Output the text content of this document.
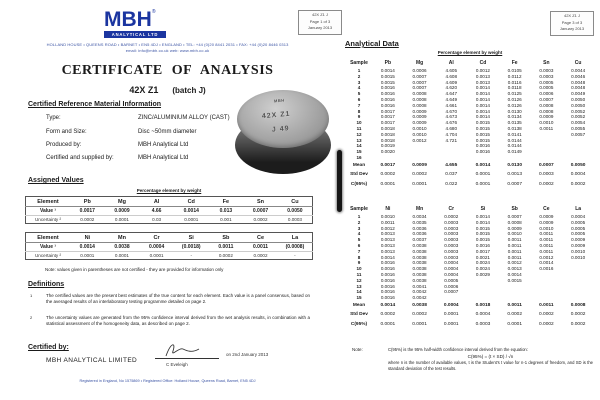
MBH®
ANALYTICAL LTD
HOLLAND HOUSE • QUEENS ROAD • BARNET • EN5 4DJ • ENGLAND • TEL: +44 (0)20 8441 2031 • FAX: +44 (0)20 8446 0313
email: info@mbh.co.uk web: www.mbh.co.uk
42X Z1 J
Page 1 of 3
January 2013
CERTIFICATE OF ANALYSIS
42X Z1 (batch J)
Certified Reference Material Information
Type:	ZINC/ALUMINIUM ALLOY (CAST)
Form and Size:	Disc ~50mm diameter
Produced by:	MBH Analytical Ltd
Certified and supplied by:	MBH Analytical Ltd
MBH
42X Z1
J 49
Assigned Values
Percentage element by weight
Element	Pb	Mg	Al	Cd	Fe	Sn	Cu
Value ¹	0.0017	0.0009	4.66	0.0014	0.013	0.0007	0.0050
Uncertainty ²	0.0002	0.0001	0.03	0.0001	0.001	0.0002	0.0003
Element	Ni	Mn	Cr	Si	Sb	Ce	La
Value ¹	0.0014	0.0038	0.0004	(0.0018)	0.0011	0.0011	(0.0008)
Uncertainty ²	0.0001	0.0001	0.0001	-	0.0002	0.0002	-
Note: values given in parentheses are not certified - they are provided for information only
Definitions
1	The certified values are the present best estimates of the true content for each element. Each value is a panel consensus, based on the averaged results of an interlaboratory testing programme detailed on page 2.
2	The uncertainty values are generated from the 95% confidence interval derived from the wet analysis results, in combination with a statistical assessment of the homogeneity data, as described on page 2.
Certified by:
MBH ANALYTICAL LIMITED
on 2nd January 2013
C Eveleigh
Registered in England, No 1575869 • Registered Office: Holland House, Queens Road, Barnet, EN5 4DJ
42X Z1 J
Page 3 of 3
January 2013
Analytical Data
Percentage element by weight
Sample	Pb	Mg	Al	Cd	Fe	Sn	Cu
1	0.0014	0.0006	4.605	0.0012	0.0105	0.0003	0.0044
2	0.0015	0.0007	4.608	0.0013	0.0112	0.0003	0.0046
3	0.0015	0.0007	4.609	0.0013	0.0116	0.0005	0.0048
4	0.0016	0.0007	4.620	0.0014	0.0118	0.0005	0.0048
5	0.0016	0.0008	4.647	0.0014	0.0125	0.0006	0.0049
6	0.0016	0.0008	4.649	0.0014	0.0126	0.0007	0.0050
7	0.0016	0.0008	4.661	0.0014	0.0126	0.0008	0.0050
8	0.0017	0.0009	4.670	0.0014	0.0130	0.0008	0.0052
9	0.0017	0.0009	4.673	0.0014	0.0134	0.0009	0.0052
10	0.0017	0.0009	4.676	0.0015	0.0135	0.0010	0.0054
11	0.0018	0.0010	4.680	0.0015	0.0138	0.0011	0.0055
12	0.0018	0.0010	4.704	0.0015	0.0141		0.0057
13	0.0018	0.0012	4.721	0.0015	0.0144		
14	0.0019			0.0016	0.0144		
15	0.0020			0.0016	0.0149		
16							
Mean	0.0017	0.0009	4.655	0.0014	0.0130	0.0007	0.0050
Std Dev	0.0002	0.0002	0.037	0.0001	0.0013	0.0003	0.0004
C(95%)	0.0001	0.0001	0.022	0.0001	0.0007	0.0002	0.0002
Sample	Ni	Mn	Cr	Si	Sb	Ce	La
1	0.0010	0.0034	0.0002	0.0014	0.0007	0.0009	0.0004
2	0.0011	0.0035	0.0003	0.0014	0.0008	0.0009	0.0005
3	0.0012	0.0036	0.0003	0.0015	0.0009	0.0010	0.0005
4	0.0013	0.0036	0.0003	0.0015	0.0010	0.0011	0.0005
5	0.0013	0.0037	0.0003	0.0015	0.0011	0.0011	0.0009
6	0.0013	0.0038	0.0003	0.0016	0.0011	0.0011	0.0009
7	0.0013	0.0038	0.0003	0.0017	0.0011	0.0011	0.0010
8	0.0014	0.0038	0.0003	0.0021	0.0011	0.0012	0.0010
9	0.0016	0.0038	0.0004	0.0024	0.0012	0.0014	
10	0.0016	0.0038	0.0004	0.0024	0.0013	0.0016	
11	0.0016	0.0038	0.0004	0.0029	0.0014		
12	0.0016	0.0038	0.0005		0.0015		
13	0.0016	0.0041	0.0006				
14	0.0016	0.0042	0.0007				
15	0.0016	0.0042					
Mean	0.0014	0.0038	0.0004	0.0018	0.0011	0.0011	0.0008
Std Dev	0.0002	0.0002	0.0001	0.0004	0.0002	0.0002	0.0002
C(95%)	0.0001	0.0001	0.0001	0.0003	0.0001	0.0002	0.0002
Note:	C(95%) is the 95% half-width confidence interval derived from the equation:
C(95%) = (t × SD) / √n
where n is the number of available values, t is the Student's t value for n-1 degrees of freedom, and SD is the standard deviation of the test results.
